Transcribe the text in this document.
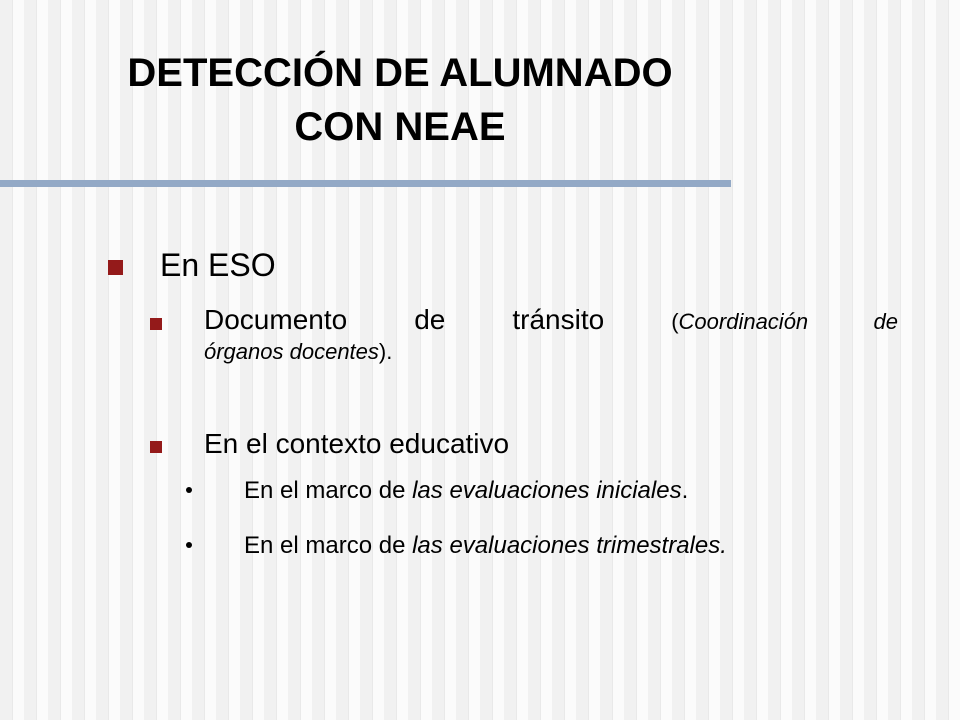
DETECCIÓN DE ALUMNADO
CON NEAE
En ESO
Documento de tránsito	(Coordinación de
órganos docentes).
En el contexto educativo
En el marco de las evaluaciones iniciales.
En el marco de las evaluaciones trimestrales.
